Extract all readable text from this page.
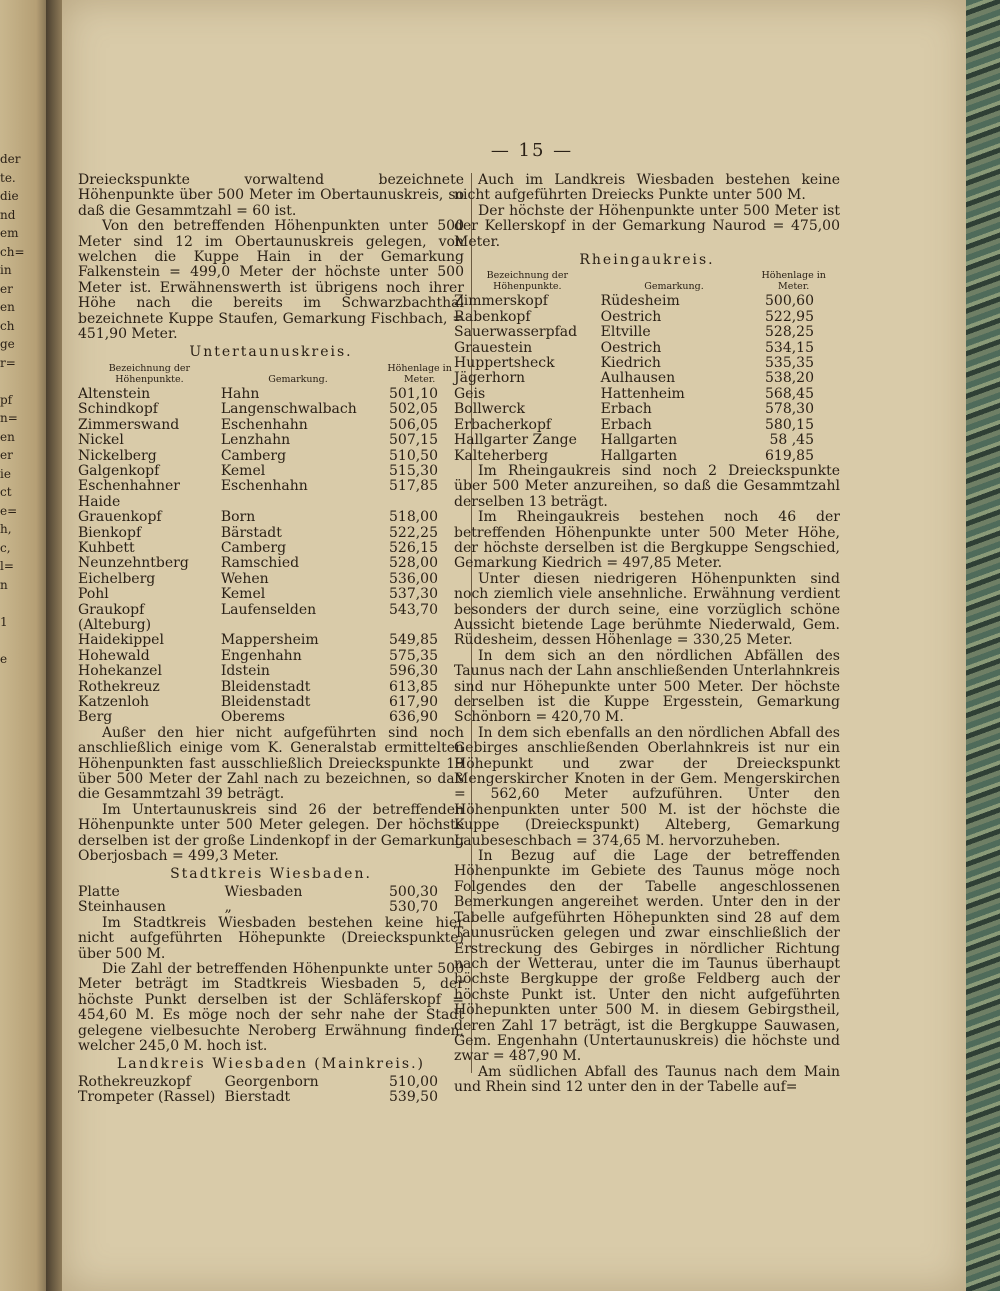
der
te.
die
nd
em
ch=
in
er
en
ch
ge
r=
pf
n=
en
er
ie
ct
e=
h,
c,
l=
n
1
e
— 15 —

Dreieckspunkte vorwaltend bezeichnete Höhenpunkte über 500 Meter im Obertaunuskreis, so daß die Gesammtzahl = 60 ist.

Von den betreffenden Höhenpunkten unter 500 Meter sind 12 im Obertaunuskreis gelegen, von welchen die Kuppe Hain in der Gemarkung Falkenstein = 499,0 Meter der höchste unter 500 Meter ist. Erwähnenswerth ist übrigens noch ihrer Höhe nach die bereits im Schwarzbachthal bezeichnete Kuppe Staufen, Gemarkung Fischbach, = 451,90 Meter.

Untertaunuskreis.
Bezeichnung der Höhenpunkte.	Gemarkung.	Höhenlage in Meter.
Altenstein	Hahn	501,10
Schindkopf	Langenschwalbach	502,05
Zimmerswand	Eschenhahn	506,05
Nickel	Lenzhahn	507,15
Nickelberg	Camberg	510,50
Galgenkopf	Kemel	515,30
Eschenhahner Haide	Eschenhahn	517,85
Grauenkopf	Born	518,00
Bienkopf	Bärstadt	522,25
Kuhbett	Camberg	526,15
Neunzehntberg	Ramschied	528,00
Eichelberg	Wehen	536,00
Pohl	Kemel	537,30
Graukopf (Alteburg)	Laufenselden	543,70
Haidekippel	Mappersheim	549,85
Hohewald	Engenhahn	575,35
Hohekanzel	Idstein	596,30
Rothekreuz	Bleidenstadt	613,85
Katzenloh	Bleidenstadt	617,90
Berg	Oberems	636,90

Außer den hier nicht aufgeführten sind noch anschließlich einige vom K. Generalstab ermittelten Höhenpunkten fast ausschließlich Dreieckspunkte 19 über 500 Meter der Zahl nach zu bezeichnen, so daß die Gesammtzahl 39 beträgt.

Im Untertaunuskreis sind 26 der betreffenden Höhenpunkte unter 500 Meter gelegen. Der höchste derselben ist der große Lindenkopf in der Gemarkung Oberjosbach = 499,3 Meter.

Stadtkreis Wiesbaden.
Platte	Wiesbaden	500,30
Steinhausen	„	530,70

Im Stadtkreis Wiesbaden bestehen keine hier nicht aufgeführten Höhepunkte (Dreieckspunkte) über 500 M.

Die Zahl der betreffenden Höhenpunkte unter 500 Meter beträgt im Stadtkreis Wiesbaden 5, der höchste Punkt derselben ist der Schläferskopf = 454,60 M. Es möge noch der sehr nahe der Stadt gelegene vielbesuchte Neroberg Erwähnung finden, welcher 245,0 M. hoch ist.

Landkreis Wiesbaden (Mainkreis.)
Rothekreuzkopf	Georgenborn	510,00
Trompeter (Rassel)	Bierstadt	539,50

Auch im Landkreis Wiesbaden bestehen keine nicht aufgeführten Dreiecks Punkte unter 500 M.

Der höchste der Höhenpunkte unter 500 Meter ist der Kellerskopf in der Gemarkung Naurod = 475,00 Meter.

Rheingaukreis.
Bezeichnung der Höhenpunkte.	Gemarkung.	Höhenlage in Meter.
Zimmerskopf	Rüdesheim	500,60
Rabenkopf	Oestrich	522,95
Sauerwasserpfad	Eltville	528,25
Grauestein	Oestrich	534,15
Huppertsheck	Kiedrich	535,35
Jägerhorn	Aulhausen	538,20
Geis	Hattenheim	568,45
Bollwerck	Erbach	578,30
Erbacherkopf	Erbach	580,15
Hallgarter Zange	Hallgarten	58 ,45
Kalteherberg	Hallgarten	619,85

Im Rheingaukreis sind noch 2 Dreieckspunkte über 500 Meter anzureihen, so daß die Gesammtzahl derselben 13 beträgt.

Im Rheingaukreis bestehen noch 46 der betreffenden Höhenpunkte unter 500 Meter Höhe, der höchste derselben ist die Bergkuppe Sengschied, Gemarkung Kiedrich = 497,85 Meter.

Unter diesen niedrigeren Höhenpunkten sind noch ziemlich viele ansehnliche. Erwähnung verdient besonders der durch seine, eine vorzüglich schöne Aussicht bietende Lage berühmte Niederwald, Gem. Rüdesheim, dessen Höhenlage = 330,25 Meter.

In dem sich an den nördlichen Abfällen des Taunus nach der Lahn anschließenden Unterlahnkreis sind nur Höhepunkte unter 500 Meter. Der höchste derselben ist die Kuppe Ergesstein, Gemarkung Schönborn = 420,70 M.

In dem sich ebenfalls an den nördlichen Abfall des Gebirges anschließenden Oberlahnkreis ist nur ein Höhepunkt und zwar der Dreieckspunkt Mengerskircher Knoten in der Gem. Mengerskirchen = 562,60 Meter aufzuführen. Unter den Höhenpunkten unter 500 M. ist der höchste die Kuppe (Dreieckspunkt) Alteberg, Gemarkung Laubeseschbach = 374,65 M. hervorzuheben.

In Bezug auf die Lage der betreffenden Höhenpunkte im Gebiete des Taunus möge noch Folgendes den der Tabelle angeschlossenen Bemerkungen angereihet werden. Unter den in der Tabelle aufgeführten Höhepunkten sind 28 auf dem Taunusrücken gelegen und zwar einschließlich der Erstreckung des Gebirges in nördlicher Richtung nach der Wetterau, unter die im Taunus überhaupt höchste Bergkuppe der große Feldberg auch der höchste Punkt ist. Unter den nicht aufgeführten Höhepunkten unter 500 M. in diesem Gebirgstheil, deren Zahl 17 beträgt, ist die Bergkuppe Sauwasen, Gem. Engenhahn (Untertaunuskreis) die höchste und zwar = 487,90 M.

Am südlichen Abfall des Taunus nach dem Main und Rhein sind 12 unter den in der Tabelle auf=
